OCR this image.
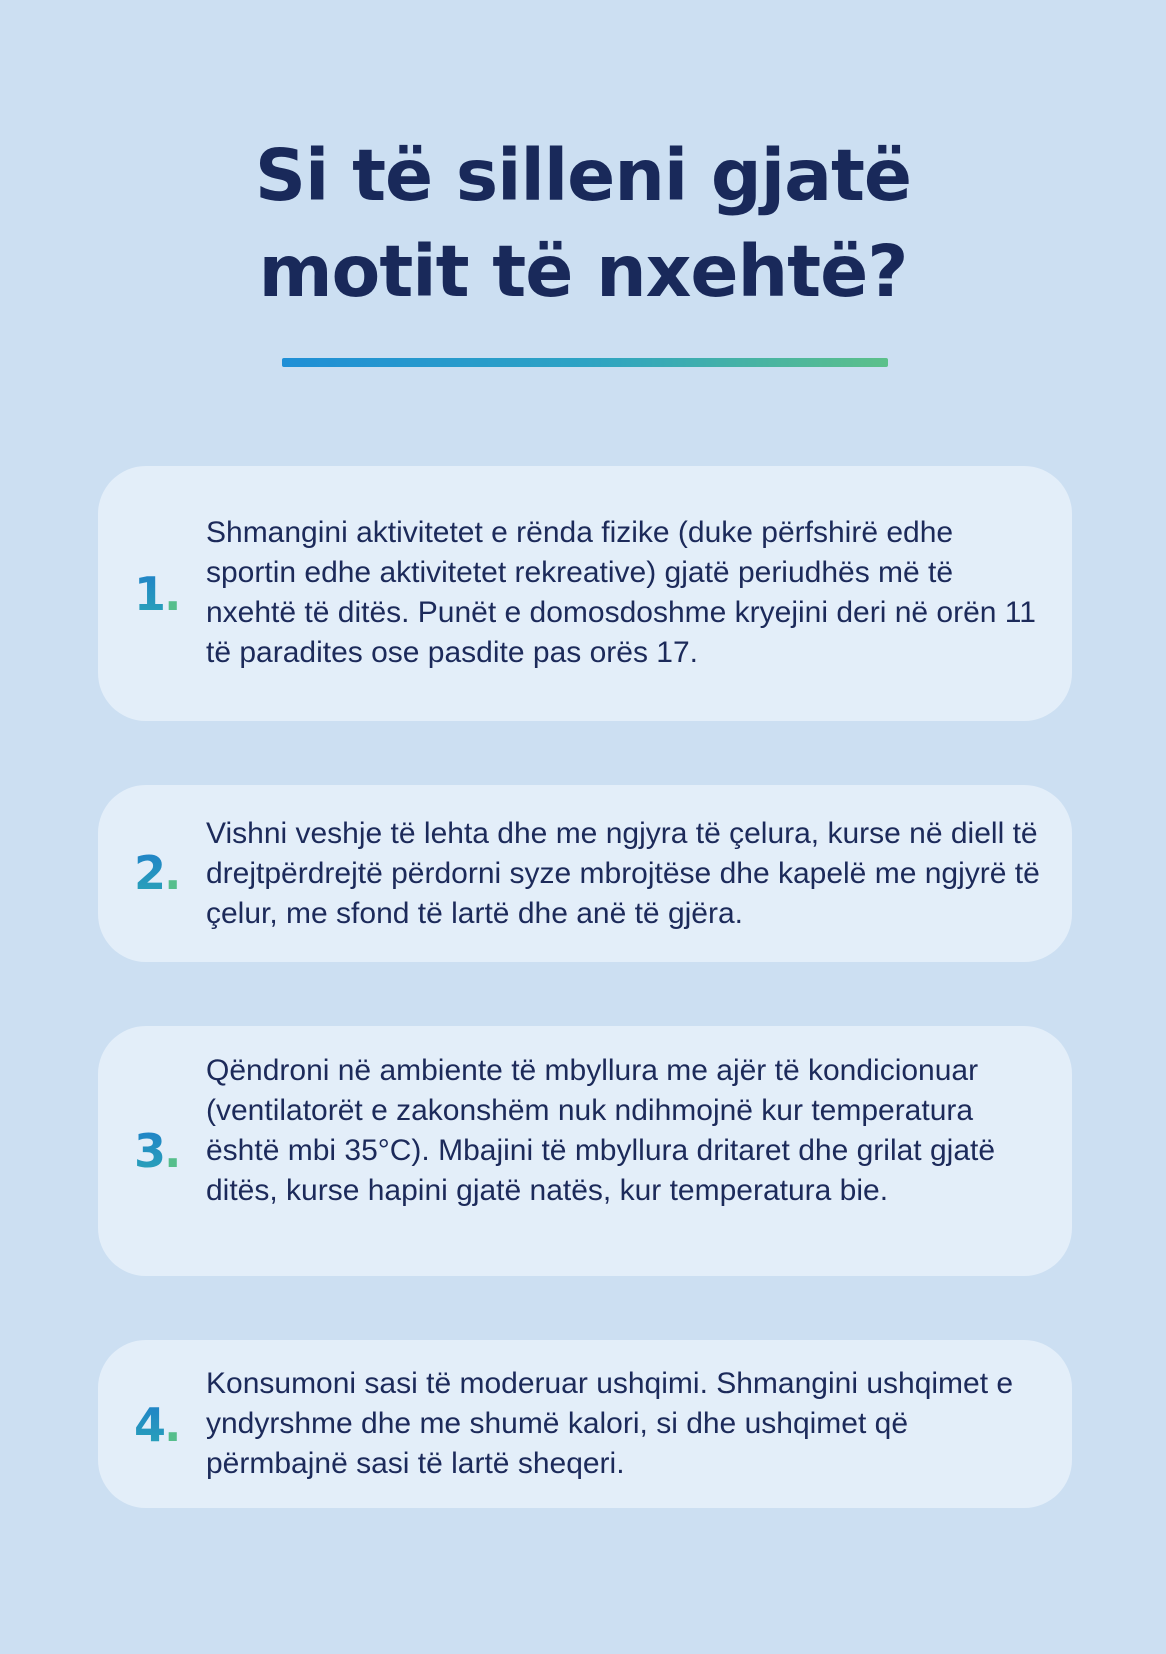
Si të silleni gjatë
motit të nxehtë?
1.

Shmangini aktivitetet e rënda fizike (duke përfshirë edhe sportin edhe aktivitetet rekreative) gjatë periudhës më të nxehtë të ditës. Punët e domosdoshme kryejini deri në orën 11 të paradites ose pasdite pas orës 17.

2.

Vishni veshje të lehta dhe me ngjyra të çelura, kurse në diell të drejtpërdrejtë përdorni syze mbrojtëse dhe kapelë me ngjyrë të çelur, me sfond të lartë dhe anë të gjëra.

3.

Qëndroni në ambiente të mbyllura me ajër të kondicionuar (ventilatorët e zakonshëm nuk ndihmojnë kur temperatura është mbi 35°C). Mbajini të mbyllura dritaret dhe grilat gjatë ditës, kurse hapini gjatë natës, kur temperatura bie.

4.

Konsumoni sasi të moderuar ushqimi. Shmangini ushqimet e yndyrshme dhe me shumë kalori, si dhe ushqimet që përmbajnë sasi të lartë sheqeri.
